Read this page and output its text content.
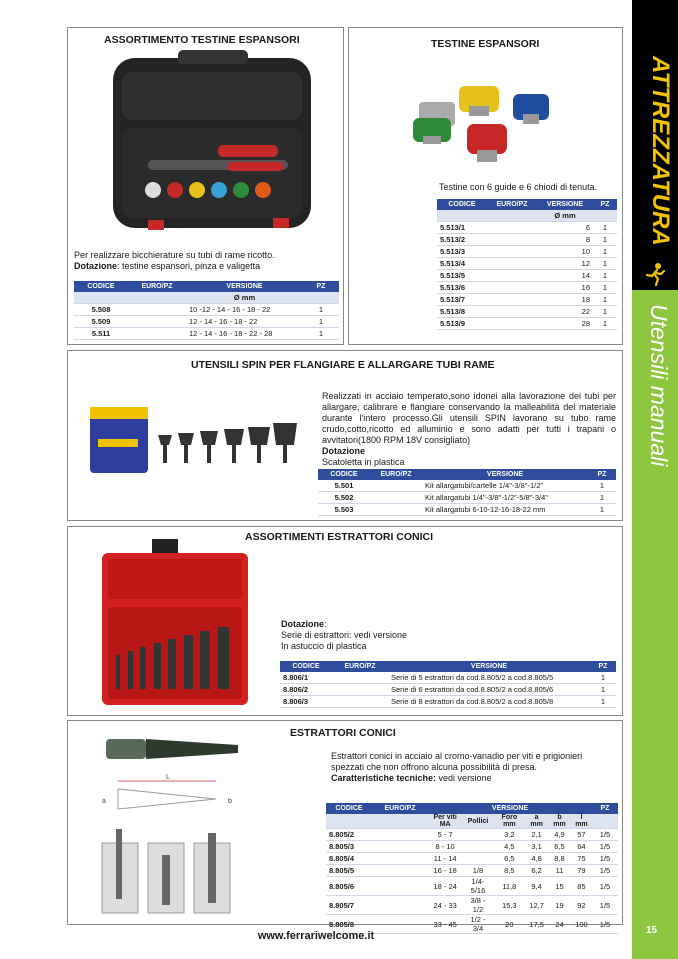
ATTREZZATURA
Utensili manuali
15
ASSORTIMENTO TESTINE ESPANSORI
Per realizzare bicchierature su tubi di rame ricotto.
Dotazione: testine espansori, pinza e valigetta
CODICE	EURO/PZ	VERSIONE	PZ
		Ø mm	
5.508		10 -12 - 14 - 16 - 18 - 22	1
5.509		12 - 14 - 16 - 18 - 22	1
5.511		12 - 14 - 16 - 18 - 22 - 28	1
TESTINE ESPANSORI
Testine con 6 guide e 6 chiodi di tenuta.
CODICE	EURO/PZ	VERSIONE	PZ
		Ø mm	
5.513/1		6	1
5.513/2		8	1
5.513/3		10	1
5.513/4		12	1
5.513/5		14	1
5.513/6		16	1
5.513/7		18	1
5.513/8		22	1
5.513/9		28	1
UTENSILI SPIN PER FLANGIARE E ALLARGARE TUBI RAME
Realizzati in acciaio temperato,sono idonei alla lavorazione dei tubi per allargare, calibrare e flangiare conservando la malleabilità del materiale durante l'intero processo.Gli utensili SPIN lavorano su tubo rame crudo,cotto,ricotto ed alluminio e sono adatti per tutti i trapani o avvitatori(1800 RPM 18V consigliato)
Dotazione
Scatoletta in plastica
CODICE	EURO/PZ	VERSIONE	PZ
5.501		Kit allargatubi/cartelle 1/4"-3/8"-1/2"	1
5.502		Kit allargatubi 1/4"-3/8"-1/2"-5/8"-3/4"	1
5.503		Kit allargatubi 6-10-12-16-18-22 mm	1
ASSORTIMENTI ESTRATTORI CONICI
Dotazione:
Serie di estrattori: vedi versione
In astuccio di plastica
CODICE	EURO/PZ	VERSIONE	PZ
8.806/1		Serie di 5 estrattori da cod.8.805/2 a cod.8.805/5	1
8.806/2		Serie di 6 estrattori da cod.8.805/2 a cod.8.805/6	1
8.806/3		Serie di 8 estrattori da cod.8.805/2 a cod.8.805/8	1
ESTRATTORI CONICI
L
a	b
Estrattori conici in acciaio al cromo-vanadio per viti e prigionieri spezzati che non offrono alcuna possibilità di presa.
Caratteristiche tecniche: vedi versione
CODICE	EURO/PZ	VERSIONE						PZ
		Per viti MA	Pollici	Foro mm	a mm	b mm	l mm	
8.805/2		5 - 7		3,2	2,1	4,9	57	1/5
8.805/3		8 - 10		4,5	3,1	6,5	64	1/5
8.805/4		11 - 14		6,5	4,8	8,8	75	1/5
8.805/5		16 - 18	1/8	8,5	6,2	11	79	1/5
8.805/6		18 - 24	1/4-5/16	11,8	9,4	15	85	1/5
8.805/7		24 - 33	3/8 - 1/2	15,3	12,7	19	92	1/5
8.805/8		33 - 45	1/2 - 3/4	20	17,5	24	100	1/5
www.ferrariwelcome.it
